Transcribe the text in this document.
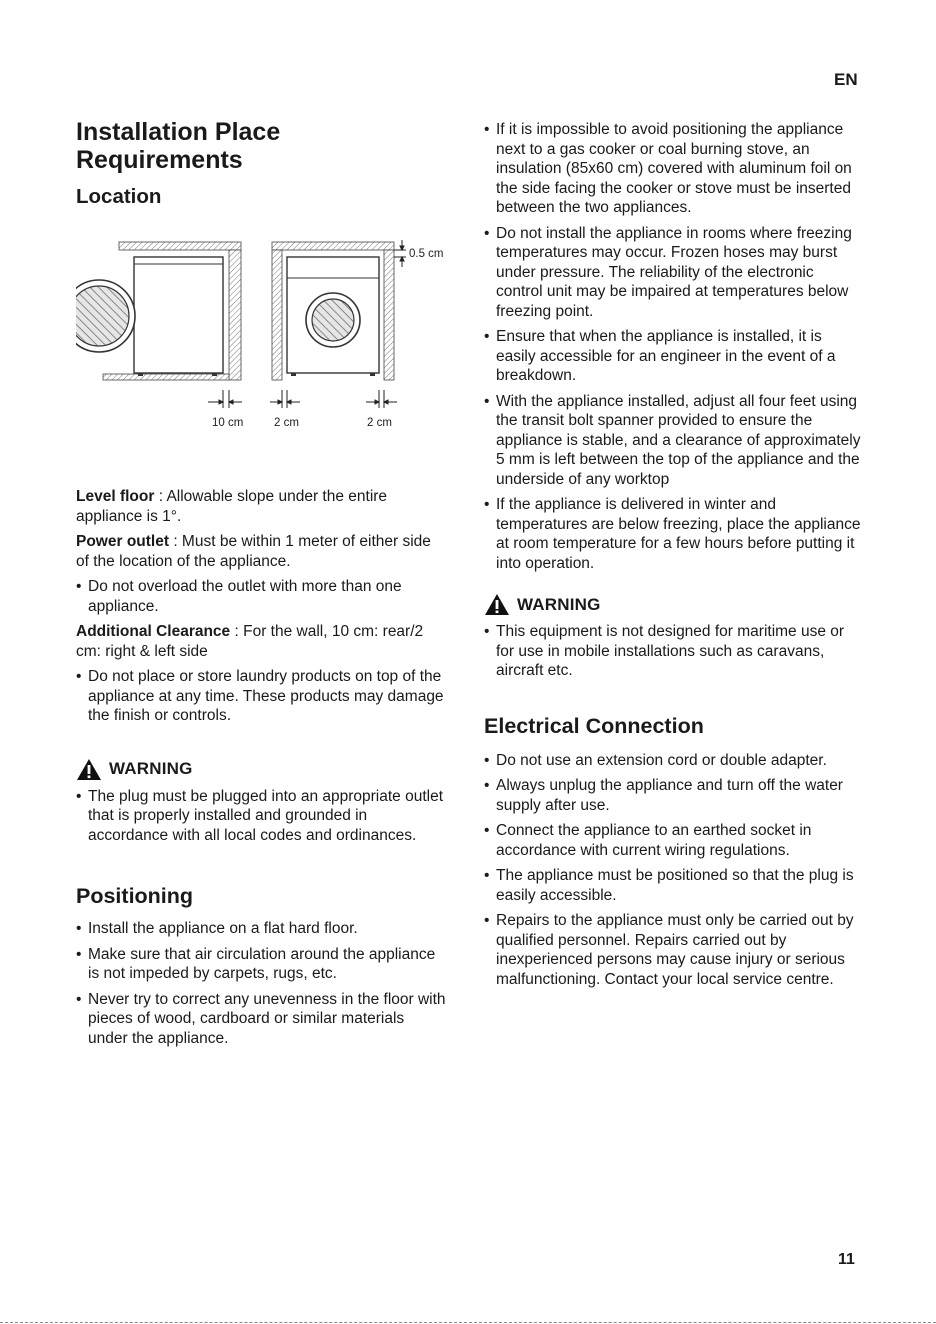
EN
Installation Place
Requirements
Location
0.5 cm
10 cm	2 cm	2 cm

Level floor : Allowable slope under the entire appliance is 1°.

Power outlet : Must be within 1 meter of either side of the location of the appliance.

• Do not overload the outlet with more than one appliance.

Additional Clearance : For the wall, 10 cm: rear/2 cm: right & left side

• Do not place or store laundry products on top of the appliance at any time. These products may damage the finish or controls.
WARNING
• The plug must be plugged into an appropriate outlet that is properly installed and grounded in accordance with all local codes and ordinances.
Positioning
• Install the appliance on a flat hard floor.
• Make sure that air circulation around the appliance is not impeded by carpets, rugs, etc.
• Never try to correct any unevenness in the floor with pieces of wood, cardboard or similar materials under the appliance.
• If it is impossible to avoid positioning the appliance next to a gas cooker or coal burning stove, an insulation (85x60 cm) covered with aluminum foil on the side facing the cooker or stove must be inserted between the two appliances.
• Do not install the appliance in rooms where freezing temperatures may occur. Frozen hoses may burst under pressure. The reliability of the electronic control unit may be impaired at temperatures below freezing point.
• Ensure that when the appliance is installed, it is easily accessible for an engineer in the event of a breakdown.
• With the appliance installed, adjust all four feet using the transit bolt spanner provided to ensure the appliance is stable, and a clearance of approximately 5 mm is left between the top of the appliance and the underside of any worktop
• If the appliance is delivered in winter and temperatures are below freezing, place the appliance at room temperature for a few hours before putting it into operation.
WARNING
• This equipment is not designed for maritime use or for use in mobile installations such as caravans, aircraft etc.
Electrical Connection
• Do not use an extension cord or double adapter.
• Always unplug the appliance and turn off the water supply after use.
• Connect the appliance to an earthed socket in accordance with current wiring regulations.
• The appliance must be positioned so that the plug is easily accessible.
• Repairs to the appliance must only be carried out by qualified personnel. Repairs carried out by inexperienced persons may cause injury or serious malfunctioning. Contact your local service centre.
11
